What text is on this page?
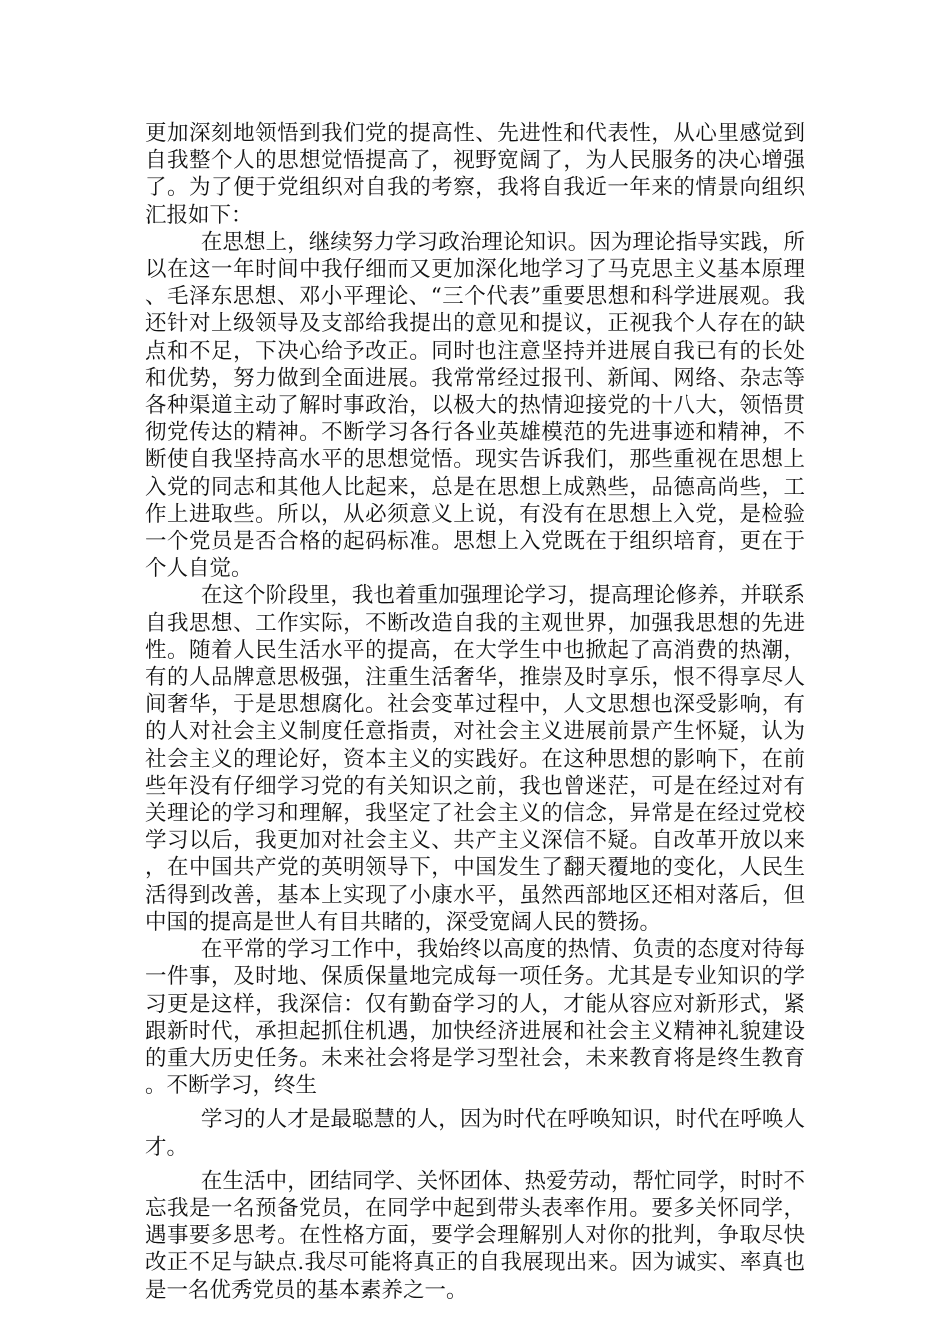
更加深刻地领悟到我们党的提高性、先进性和代表性，从心里感觉到自我整个人的思想觉悟提高了，视野宽阔了，为人民服务的决心增强了。为了便于党组织对自我的考察，我将自我近一年来的情景向组织汇报如下：

在思想上，继续努力学习政治理论知识。因为理论指导实践，所以在这一年时间中我仔细而又更加深化地学习了马克思主义基本原理、毛泽东思想、邓小平理论、“三个代表”重要思想和科学进展观。我还针对上级领导及支部给我提出的意见和提议，正视我个人存在的缺点和不足，下决心给予改正。同时也注意坚持并进展自我已有的长处和优势，努力做到全面进展。我常常经过报刊、新闻、网络、杂志等各种渠道主动了解时事政治，以极大的热情迎接党的十八大，领悟贯彻党传达的精神。不断学习各行各业英雄模范的先进事迹和精神，不断使自我坚持高水平的思想觉悟。现实告诉我们，那些重视在思想上入党的同志和其他人比起来，总是在思想上成熟些，品德高尚些，工作上进取些。所以，从必须意义上说，有没有在思想上入党，是检验一个党员是否合格的起码标准。思想上入党既在于组织培育，更在于个人自觉。

在这个阶段里，我也着重加强理论学习，提高理论修养，并联系自我思想、工作实际，不断改造自我的主观世界，加强我思想的先进性。随着人民生活水平的提高，在大学生中也掀起了高消费的热潮，有的人品牌意思极强，注重生活奢华，推崇及时享乐，恨不得享尽人间奢华，于是思想腐化。社会变革过程中，人文思想也深受影响，有的人对社会主义制度任意指责，对社会主义进展前景产生怀疑，认为社会主义的理论好，资本主义的实践好。在这种思想的影响下，在前些年没有仔细学习党的有关知识之前，我也曾迷茫，可是在经过对有关理论的学习和理解，我坚定了社会主义的信念，异常是在经过党校学习以后，我更加对社会主义、共产主义深信不疑。自改革开放以来，在中国共产党的英明领导下，中国发生了翻天覆地的变化，人民生活得到改善，基本上实现了小康水平，虽然西部地区还相对落后，但中国的提高是世人有目共睹的，深受宽阔人民的赞扬。

在平常的学习工作中，我始终以高度的热情、负责的态度对待每一件事，及时地、保质保量地完成每一项任务。尤其是专业知识的学习更是这样，我深信：仅有勤奋学习的人，才能从容应对新形式，紧跟新时代，承担起抓住机遇，加快经济进展和社会主义精神礼貌建设的重大历史任务。未来社会将是学习型社会，未来教育将是终生教育。不断学习，终生

学习的人才是最聪慧的人，因为时代在呼唤知识，时代在呼唤人才。

在生活中，团结同学、关怀团体、热爱劳动，帮忙同学，时时不忘我是一名预备党员，在同学中起到带头表率作用。要多关怀同学，遇事要多思考。在性格方面，要学会理解别人对你的批判，争取尽快改正不足与缺点.我尽可能将真正的自我展现出来。因为诚实、率真也是一名优秀党员的基本素养之一。
